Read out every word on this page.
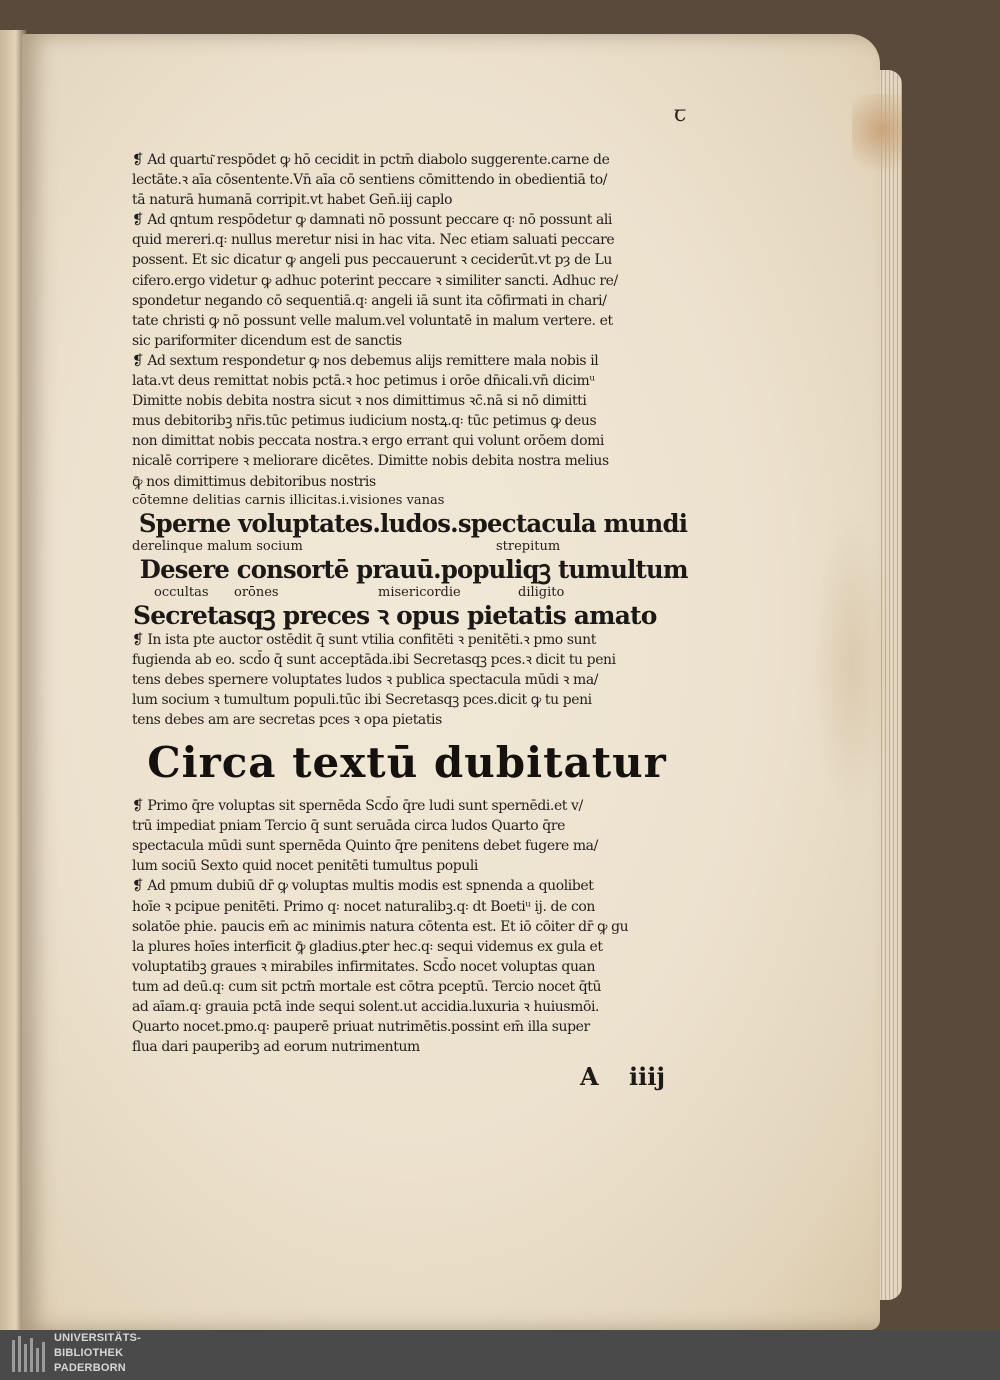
ꞇ
❡ Ad quartu͂ respōdet ꝙ hō cecidit in pctm̄ diabolo suggerente.carne de
lectāte.ꝛ aīa cōsentente.Vn̄ aīa cō sentiens cōmittendo in obedientiā to/
tā naturā humanā corripit.vt habet Gen̄.iij caplo
❡ Ad qntum respōdetur ꝙ damnati nō possunt peccare q꞉ nō possunt ali
quid mereri.q꞉ nullus meretur nisi in hac vita. Nec etiam saluati peccare
possent. Et sic dicatur ꝙ angeli pus peccauerunt ꝛ ceciderūt.vt pȝ de Lu
cifero.ergo videtur ꝙ adhuc poterint peccare ꝛ similiter sancti. Adhuc re/
spondetur negando cō sequentiā.q꞉ angeli iā sunt ita cōfirmati in chari/
tate christi ꝙ nō possunt velle malum.vel voluntatē in malum vertere. et
sic pariformiter dicendum est de sanctis
❡ Ad sextum respondetur ꝙ nos debemus alijs remittere mala nobis il
lata.vt deus remittat nobis pctā.ꝛ hoc petimus i orōe dn̄icali.vn̄ dicimᵘ
Dimitte nobis debita nostra sicut ꝛ nos dimittimus ꝛc̄.nā si nō dimitti
mus debitoribꝫ nr̄is.tūc petimus iudicium nostꝝ.q꞉ tūc petimus ꝙ deus
non dimittat nobis peccata nostra.ꝛ ergo errant qui volunt orōem domi
nicalē corripere ꝛ meliorare dicētes. Dimitte nobis debita nostra melius
ꝙ̄ nos dimittimus debitoribus nostris
cōtemne delitias carnis illicitas.i.visiones vanas
Sperne voluptates.ludos.spectacula mundi
derelinque malum socium	strepitum
Desere consortē prauū.populiqꝫ tumultum
occultas orōnes	misericordie	diligito
Secretasqꝫ preces ꝛ opus pietatis amato
❡ In ista pte auctor ostēdit q̄ sunt vtilia confitēti ꝛ penitēti.ꝛ pmo sunt
fugienda ab eo. scd̄o q̄ sunt acceptāda.ibi Secretasqꝫ pces.ꝛ dicit tu peni
tens debes spernere voluptates ludos ꝛ publica spectacula mūdi ꝛ ma/
lum socium ꝛ tumultum populi.tūc ibi Secretasqꝫ pces.dicit ꝙ tu peni
tens debes am are secretas pces ꝛ opa pietatis
Circa textū dubitatur
❡ Primo q̄re voluptas sit spernēda Scd̄o q̄re ludi sunt spernēdi.et v/
trū impediat pniam Tercio q̄ sunt seruāda circa ludos Quarto q̄re
spectacula mūdi sunt spernēda Quinto q̄re penitens debet fugere ma/
lum sociū Sexto quid nocet penitēti tumultus populi
❡ Ad pmum dubiū dr̄ ꝙ voluptas multis modis est spnenda a quolibet
hoīe ꝛ pcipue penitēti. Primo q꞉ nocet naturalibꝫ.q꞉ dt Boetiᵘ ij. de con
solatōe phie. paucis em̄ ac minimis natura cōtenta est. Et iō cōiter dr̄ ꝙ gu
la plures hoīes interficit ꝙ̄ gladius.ꝑter hec.q꞉ sequi videmus ex gula et
voluptatibꝫ graues ꝛ mirabiles infirmitates. Scd̄o nocet voluptas quan
tum ad deū.q꞉ cum sit pctm̄ mortale est cōtra pceptū. Tercio nocet q̄tū
ad aīam.q꞉ grauia pctā inde sequi solent.ut accidia.luxuria ꝛ huiusmōi.
Quarto nocet.pmo.q꞉ pauperē priuat nutrimētis.possint em̄ illa super
flua dari pauperibꝫ ad eorum nutrimentum
A iiij
UNIVERSITÄTS-
BIBLIOTHEK
PADERBORN
